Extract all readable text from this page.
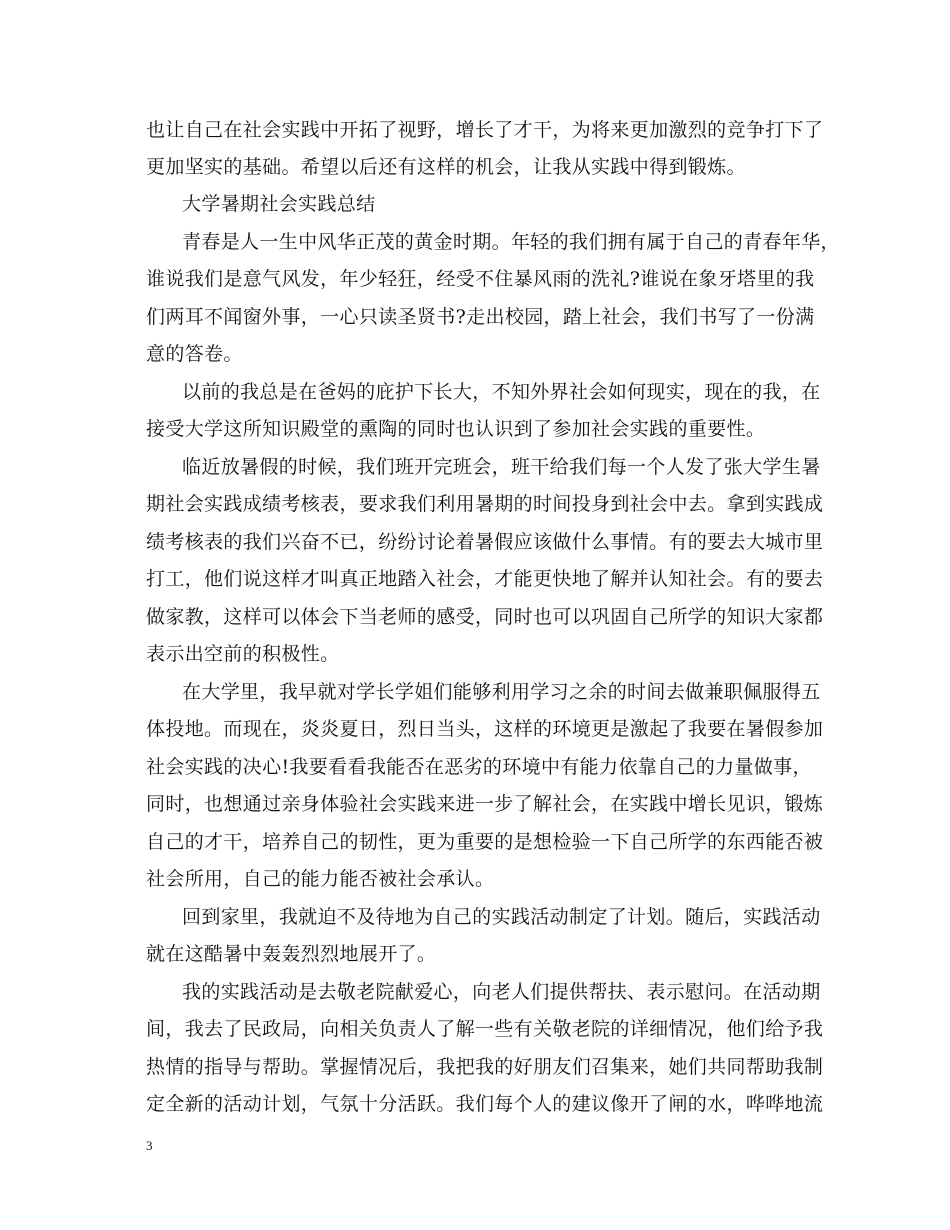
也让自己在社会实践中开拓了视野，增长了才干，为将来更加激烈的竞争打下了
更加坚实的基础。希望以后还有这样的机会，让我从实践中得到锻炼。
大学暑期社会实践总结
青春是人一生中风华正茂的黄金时期。年轻的我们拥有属于自己的青春年华，
谁说我们是意气风发，年少轻狂，经受不住暴风雨的洗礼?谁说在象牙塔里的我
们两耳不闻窗外事，一心只读圣贤书?走出校园，踏上社会，我们书写了一份满
意的答卷。
以前的我总是在爸妈的庇护下长大，不知外界社会如何现实，现在的我，在
接受大学这所知识殿堂的熏陶的同时也认识到了参加社会实践的重要性。
临近放暑假的时候，我们班开完班会，班干给我们每一个人发了张大学生暑
期社会实践成绩考核表，要求我们利用暑期的时间投身到社会中去。拿到实践成
绩考核表的我们兴奋不已，纷纷讨论着暑假应该做什么事情。有的要去大城市里
打工，他们说这样才叫真正地踏入社会，才能更快地了解并认知社会。有的要去
做家教，这样可以体会下当老师的感受，同时也可以巩固自己所学的知识大家都
表示出空前的积极性。
在大学里，我早就对学长学姐们能够利用学习之余的时间去做兼职佩服得五
体投地。而现在，炎炎夏日，烈日当头，这样的环境更是激起了我要在暑假参加
社会实践的决心!我要看看我能否在恶劣的环境中有能力依靠自己的力量做事，
同时，也想通过亲身体验社会实践来进一步了解社会，在实践中增长见识，锻炼
自己的才干，培养自己的韧性，更为重要的是想检验一下自己所学的东西能否被
社会所用，自己的能力能否被社会承认。
回到家里，我就迫不及待地为自己的实践活动制定了计划。随后，实践活动
就在这酷暑中轰轰烈烈地展开了。
我的实践活动是去敬老院献爱心，向老人们提供帮扶、表示慰问。在活动期
间，我去了民政局，向相关负责人了解一些有关敬老院的详细情况，他们给予我
热情的指导与帮助。掌握情况后，我把我的好朋友们召集来，她们共同帮助我制
定全新的活动计划，气氛十分活跃。我们每个人的建议像开了闸的水，哗哗地流
3
